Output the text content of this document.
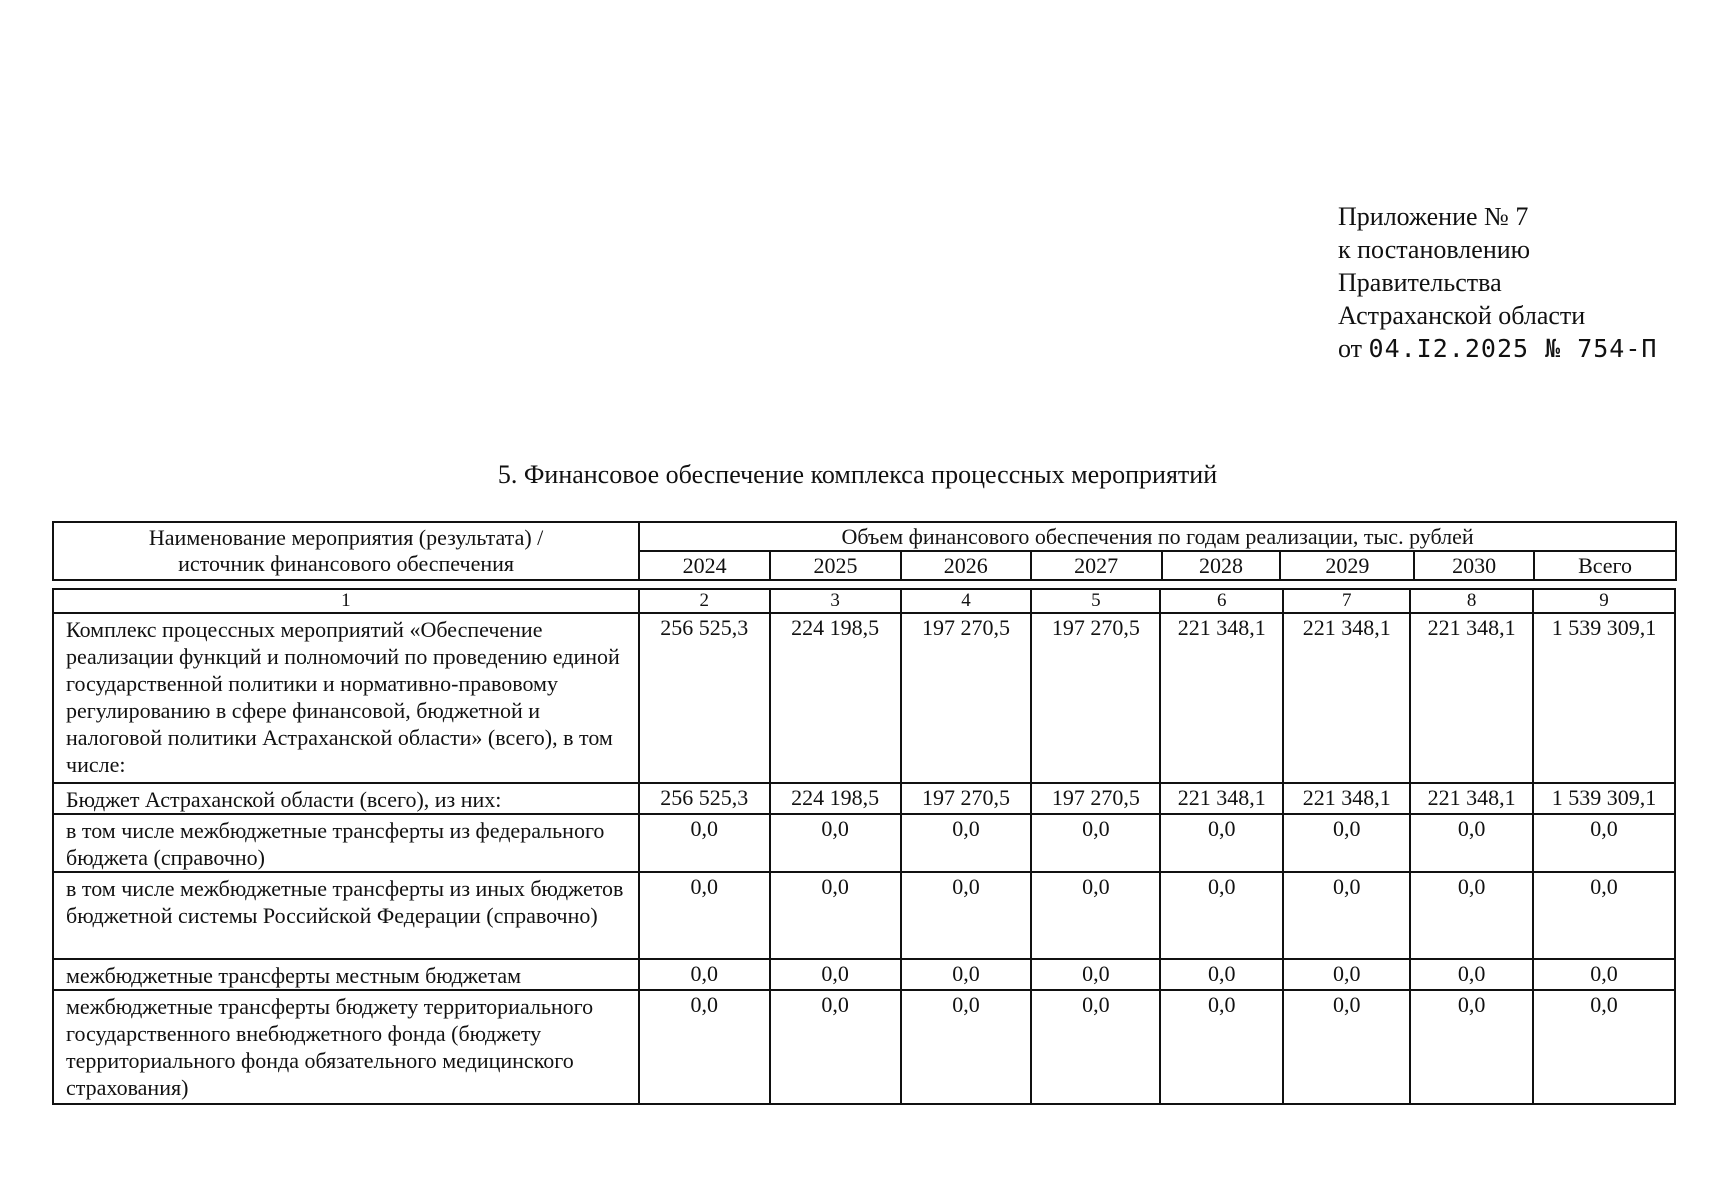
Приложение № 7
к постановлению
Правительства
Астраханской области
от 04.I2.2025 № 754-П
5. Финансовое обеспечение комплекса процессных мероприятий
Наименование мероприятия (результата) /
источник финансового обеспечения	Объем финансового обеспечения по годам реализации, тыс. рублей							
	2024	2025	2026	2027	2028	2029	2030	Всего
1	2	3	4	5	6	7	8	9
Комплекс процессных мероприятий «Обеспечение реализации функций и полномочий по проведению единой государственной политики и нормативно-правовому регулированию в сфере финансовой, бюджетной и налоговой политики Астраханской области» (всего), в том числе:	256 525,3	224 198,5	197 270,5	197 270,5	221 348,1	221 348,1	221 348,1	1 539 309,1
Бюджет Астраханской области (всего), из них:	256 525,3	224 198,5	197 270,5	197 270,5	221 348,1	221 348,1	221 348,1	1 539 309,1
в том числе межбюджетные трансферты из федерального бюджета (справочно)	0,0	0,0	0,0	0,0	0,0	0,0	0,0	0,0
в том числе межбюджетные трансферты из иных бюджетов бюджетной системы Российской Федерации (справочно)	0,0	0,0	0,0	0,0	0,0	0,0	0,0	0,0
межбюджетные трансферты местным бюджетам	0,0	0,0	0,0	0,0	0,0	0,0	0,0	0,0
межбюджетные трансферты бюджету территориального государственного внебюджетного фонда (бюджету территориального фонда обязательного медицинского страхования)	0,0	0,0	0,0	0,0	0,0	0,0	0,0	0,0
